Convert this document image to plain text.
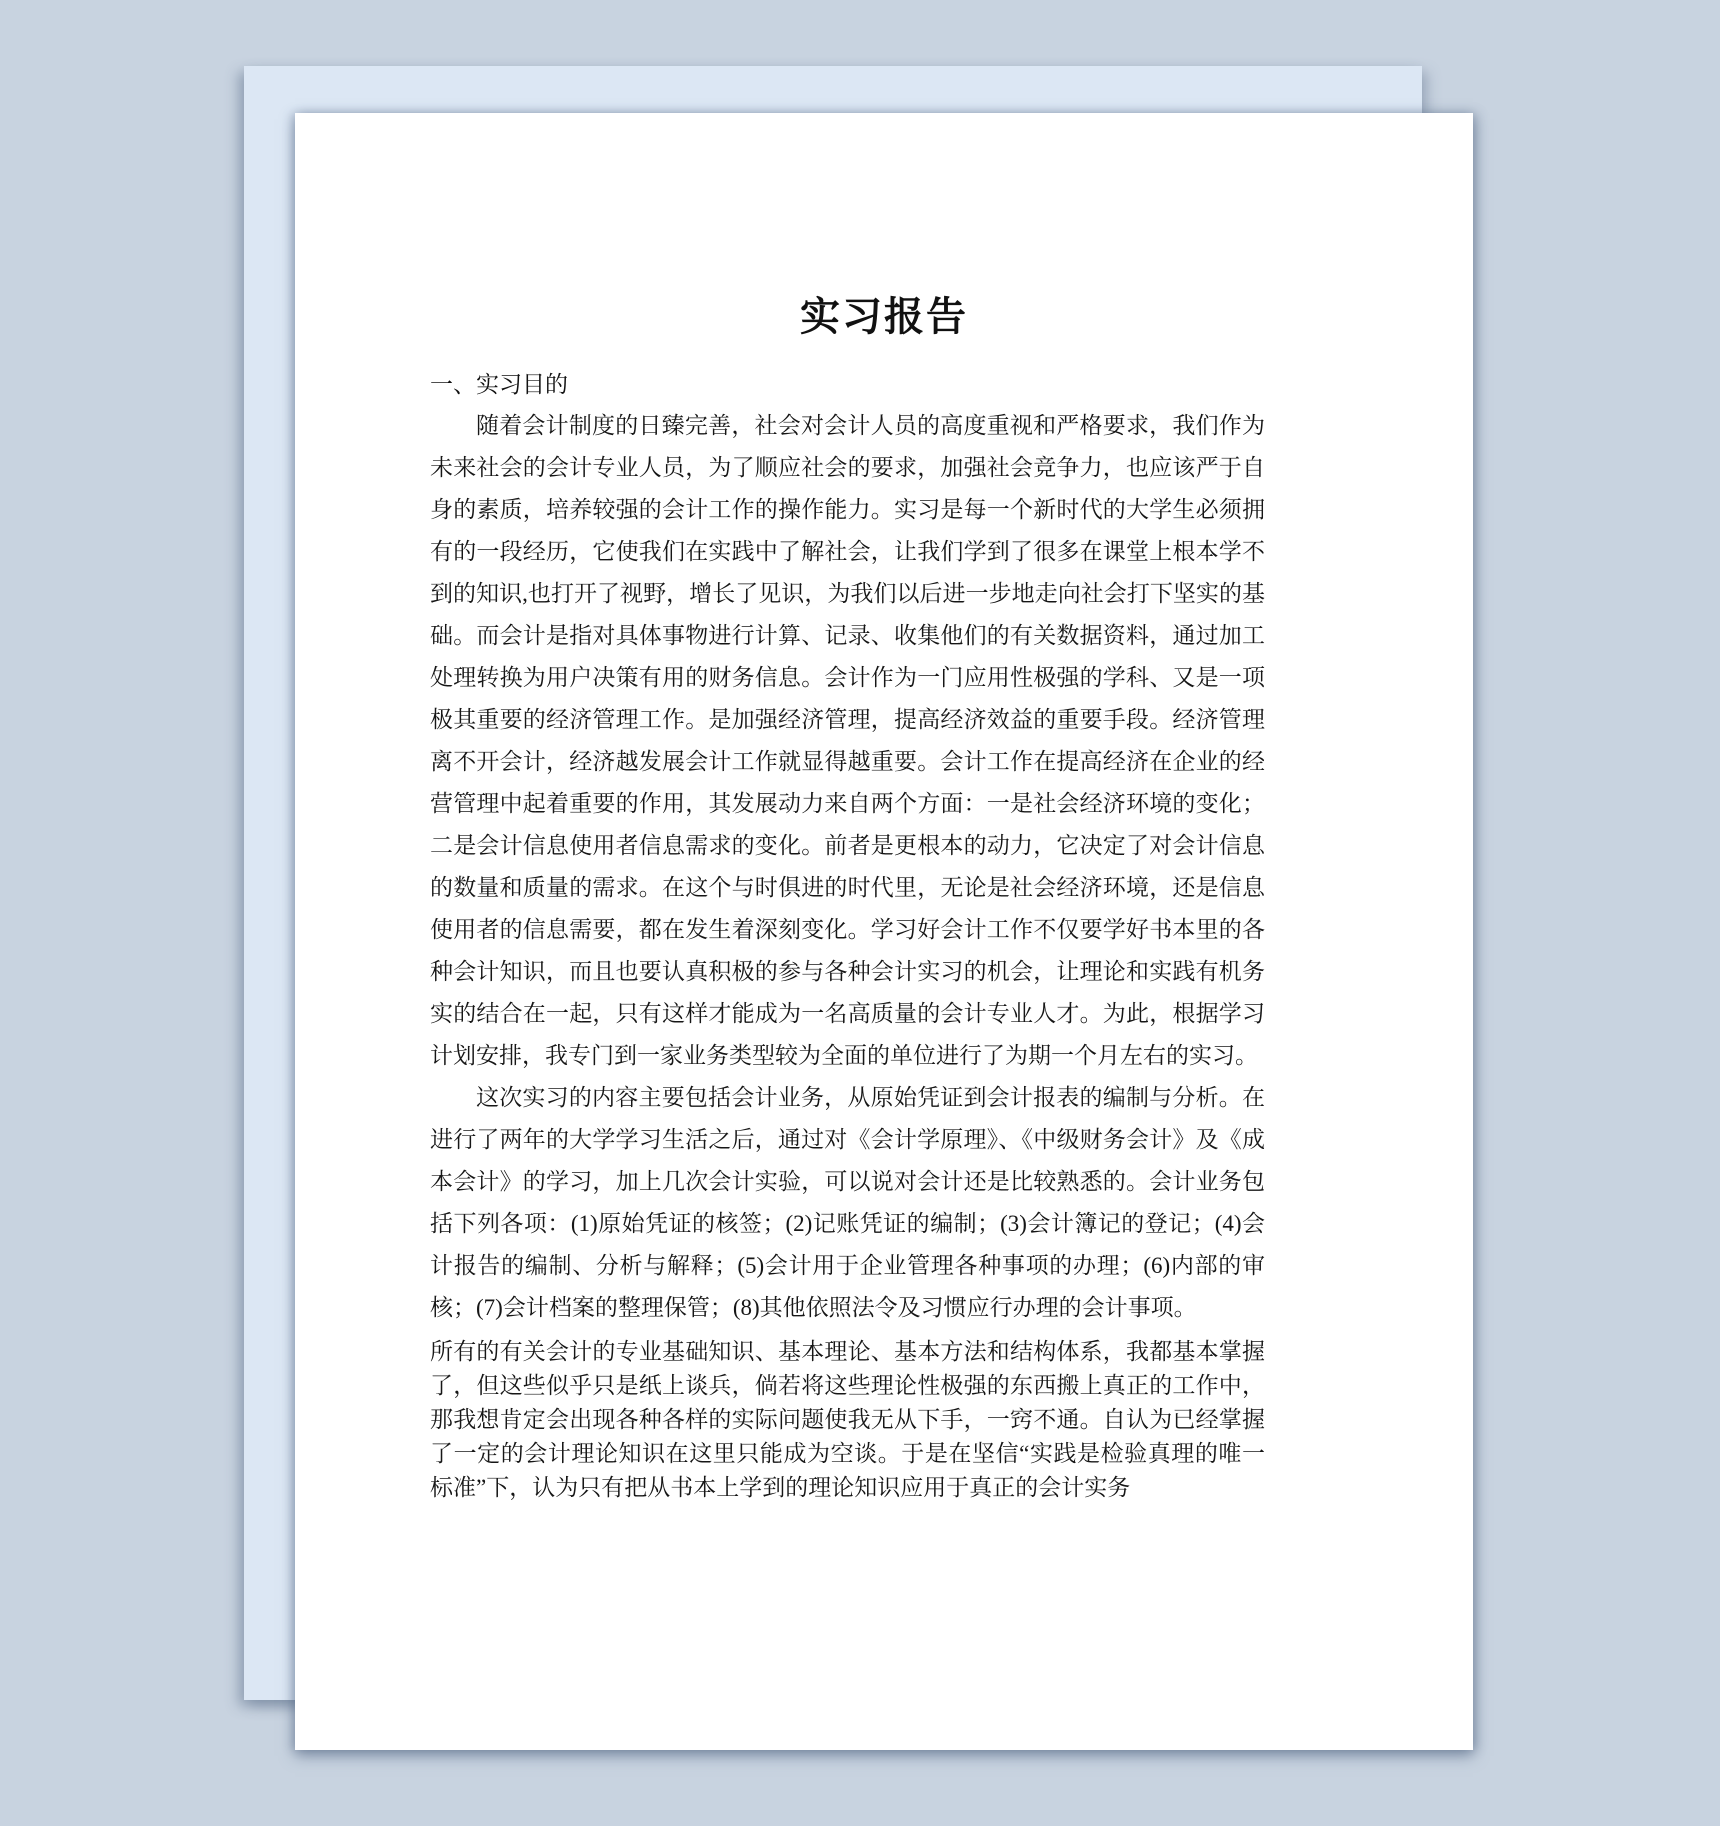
实习报告
一、实习目的

随着会计制度的日臻完善，社会对会计人员的高度重视和严格要求，我们作为未来社会的会计专业人员，为了顺应社会的要求，加强社会竞争力，也应该严于自身的素质，培养较强的会计工作的操作能力。实习是每一个新时代的大学生必须拥有的一段经历，它使我们在实践中了解社会，让我们学到了很多在课堂上根本学不到的知识,也打开了视野，增长了见识，为我们以后进一步地走向社会打下坚实的基础。而会计是指对具体事物进行计算、记录、收集他们的有关数据资料，通过加工处理转换为用户决策有用的财务信息。会计作为一门应用性极强的学科、又是一项极其重要的经济管理工作。是加强经济管理，提高经济效益的重要手段。经济管理离不开会计，经济越发展会计工作就显得越重要。会计工作在提高经济在企业的经营管理中起着重要的作用，其发展动力来自两个方面：一是社会经济环境的变化；二是会计信息使用者信息需求的变化。前者是更根本的动力，它决定了对会计信息的数量和质量的需求。在这个与时俱进的时代里，无论是社会经济环境，还是信息使用者的信息需要，都在发生着深刻变化。学习好会计工作不仅要学好书本里的各种会计知识，而且也要认真积极的参与各种会计实习的机会，让理论和实践有机务实的结合在一起，只有这样才能成为一名高质量的会计专业人才。为此，根据学习计划安排，我专门到一家业务类型较为全面的单位进行了为期一个月左右的实习。

这次实习的内容主要包括会计业务，从原始凭证到会计报表的编制与分析。在进行了两年的大学学习生活之后，通过对《会计学原理》、《中级财务会计》及《成本会计》的学习，加上几次会计实验，可以说对会计还是比较熟悉的。会计业务包括下列各项：(1)原始凭证的核签；(2)记账凭证的编制；(3)会计簿记的登记；(4)会计报告的编制、分析与解释；(5)会计用于企业管理各种事项的办理；(6)内部的审核；(7)会计档案的整理保管；(8)其他依照法令及习惯应行办理的会计事项。

所有的有关会计的专业基础知识、基本理论、基本方法和结构体系，我都基本掌握了，但这些似乎只是纸上谈兵，倘若将这些理论性极强的东西搬上真正的工作中，那我想肯定会出现各种各样的实际问题使我无从下手，一窍不通。自认为已经掌握了一定的会计理论知识在这里只能成为空谈。于是在坚信“实践是检验真理的唯一标准”下，认为只有把从书本上学到的理论知识应用于真正的会计实务
